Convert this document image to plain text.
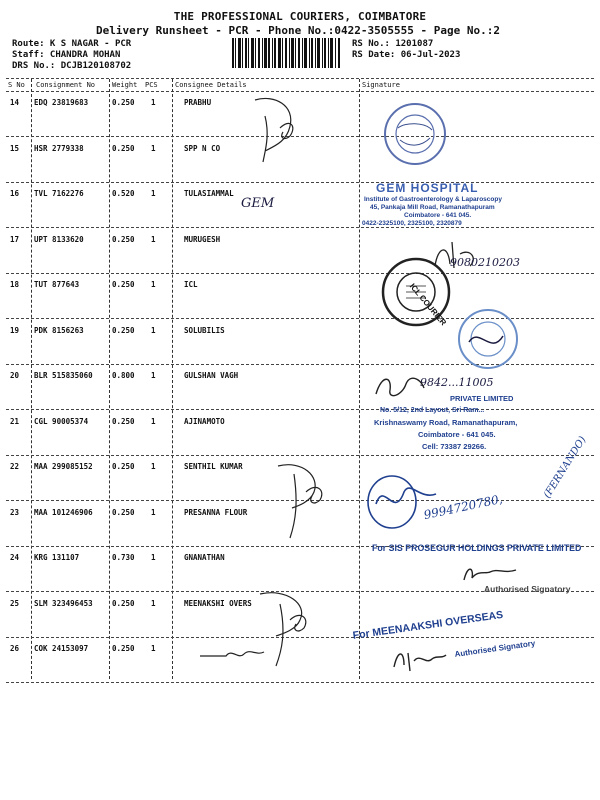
THE PROFESSIONAL COURIERS, COIMBATORE
Delivery Runsheet - PCR - Phone No.:0422-3505555 - Page No.:2
Route: K S NAGAR - PCR
Staff: CHANDRA MOHAN
DRS No.: DCJB120108702
RS No.: 1201087
RS Date: 06-Jul-2023
S No Consignment No Weight PCS Consignee Details	Signature
14 EDQ 23819683	0.250 1	PRABHU
15 HSR 2779338	0.250 1	SPP N CO
16 TVL 7162276	0.520 1	TULASIAMMAL
17 UPT 8133620	0.250 1	MURUGESH
18 TUT 877643	0.250 1	ICL
19 PDK 8156263	0.250 1	SOLUBILIS
20 BLR 515835060	0.800 1	GULSHAN VAGH
21 CGL 90005374	0.250 1	AJINAMOTO
22 MAA 299085152	0.250 1	SENTHIL KUMAR
23 MAA 101246906	0.250 1	PRESANNA FLOUR
24 KRG 131107	0.730 1	GNANATHAN
25 SLM 323496453	0.250 1	MEENAKSHI OVERS
26 COK 24153097	0.250 1
GEM
GEM HOSPITAL
Institute of Gastroenterology & Laparoscopy
45, Pankaja Mill Road, Ramanathapuram
Coimbatore - 641 045.
0422-2325100, 2325100, 2320879
9080210203
ICL COURIER
9842...11005
PRIVATE LIMITED
No. 5/12, 2nd Layout, Sri Ram...
Krishnaswamy Road, Ramanathapuram,
Coimbatore - 641 045.
Cell: 73387 29266.
9994720780,
(FERNANDO)
For SIS PROSEGUR HOLDINGS PRIVATE LIMITED
Authorised Signatory
For MEENAAKSHI OVERSEAS
Authorised Signatory
